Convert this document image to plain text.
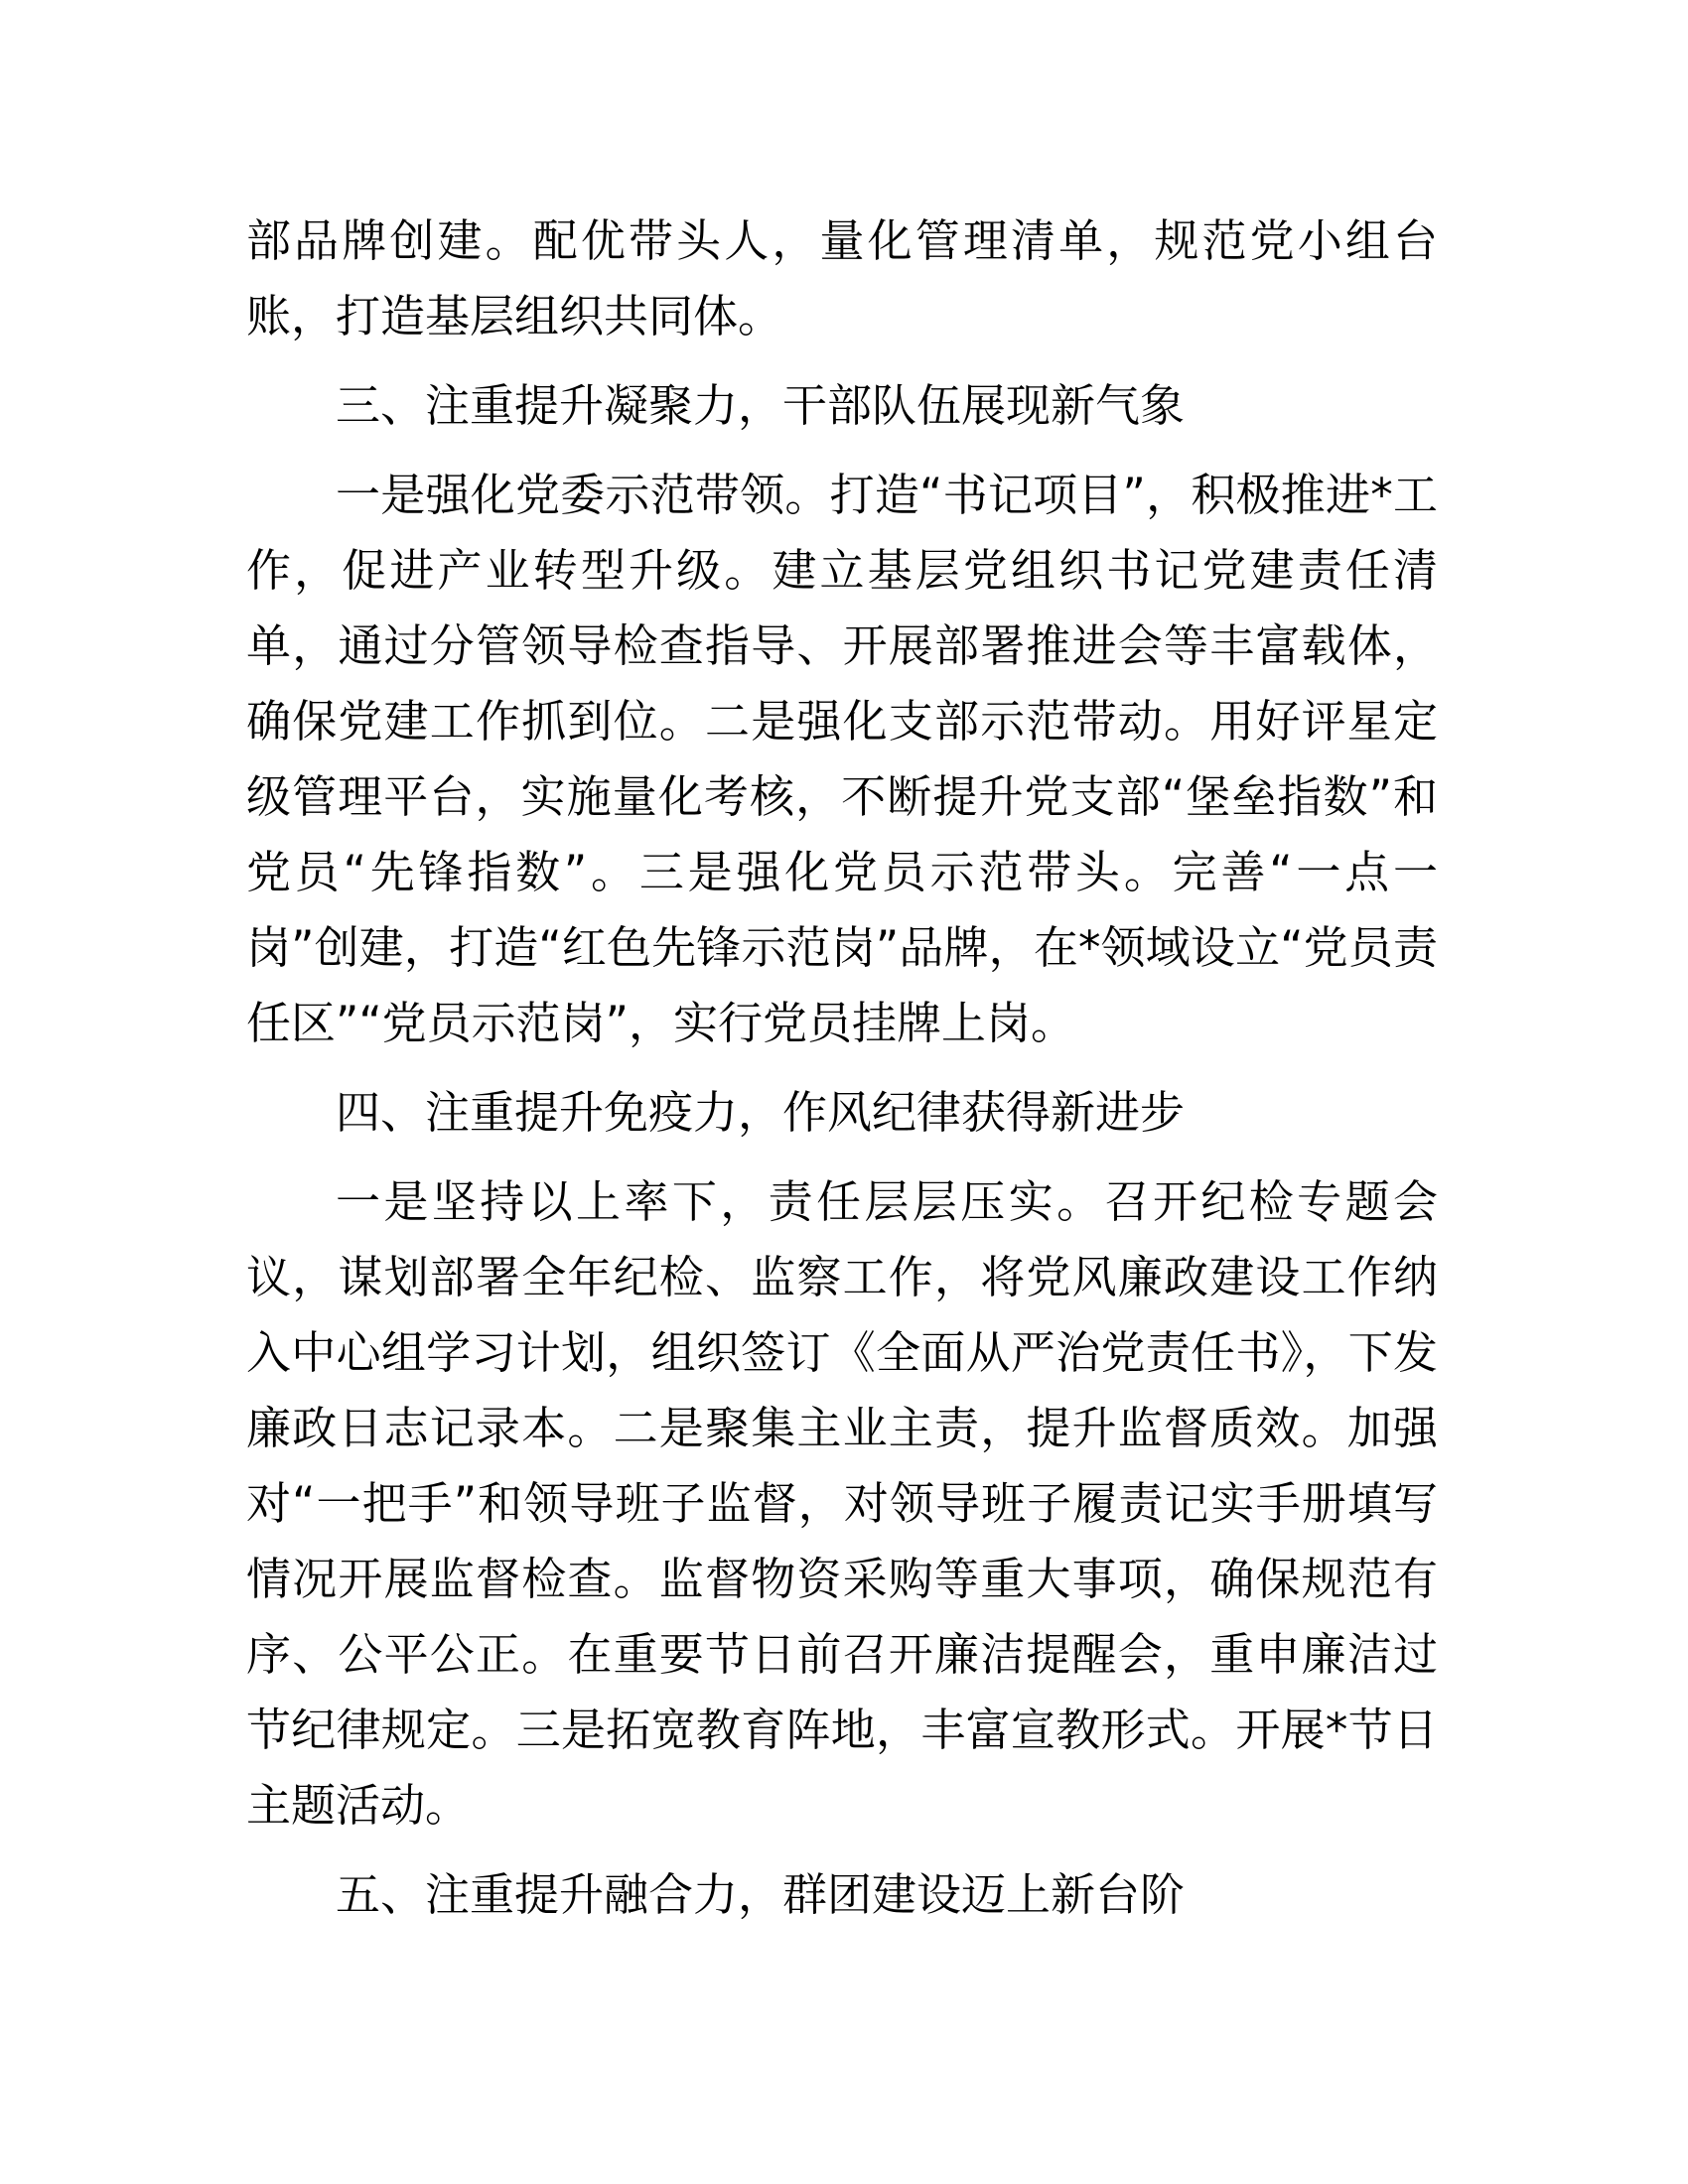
部品牌创建。配优带头人，量化管理清单，规范党小组台账，打造基层组织共同体。

三、注重提升凝聚力，干部队伍展现新气象

一是强化党委示范带领。打造“书记项目”，积极推进*工作，促进产业转型升级。建立基层党组织书记党建责任清单，通过分管领导检查指导、开展部署推进会等丰富载体，确保党建工作抓到位。二是强化支部示范带动。用好评星定级管理平台，实施量化考核，不断提升党支部“堡垒指数”和党员“先锋指数”。三是强化党员示范带头。完善“一点一岗”创建，打造“红色先锋示范岗”品牌，在*领域设立“党员责任区”“党员示范岗”，实行党员挂牌上岗。

四、注重提升免疫力，作风纪律获得新进步

一是坚持以上率下，责任层层压实。召开纪检专题会议，谋划部署全年纪检、监察工作，将党风廉政建设工作纳入中心组学习计划，组织签订《全面从严治党责任书》，下发廉政日志记录本。二是聚集主业主责，提升监督质效。加强对“一把手”和领导班子监督，对领导班子履责记实手册填写情况开展监督检查。监督物资采购等重大事项，确保规范有序、公平公正。在重要节日前召开廉洁提醒会，重申廉洁过节纪律规定。三是拓宽教育阵地，丰富宣教形式。开展*节日主题活动。

五、注重提升融合力，群团建设迈上新台阶
